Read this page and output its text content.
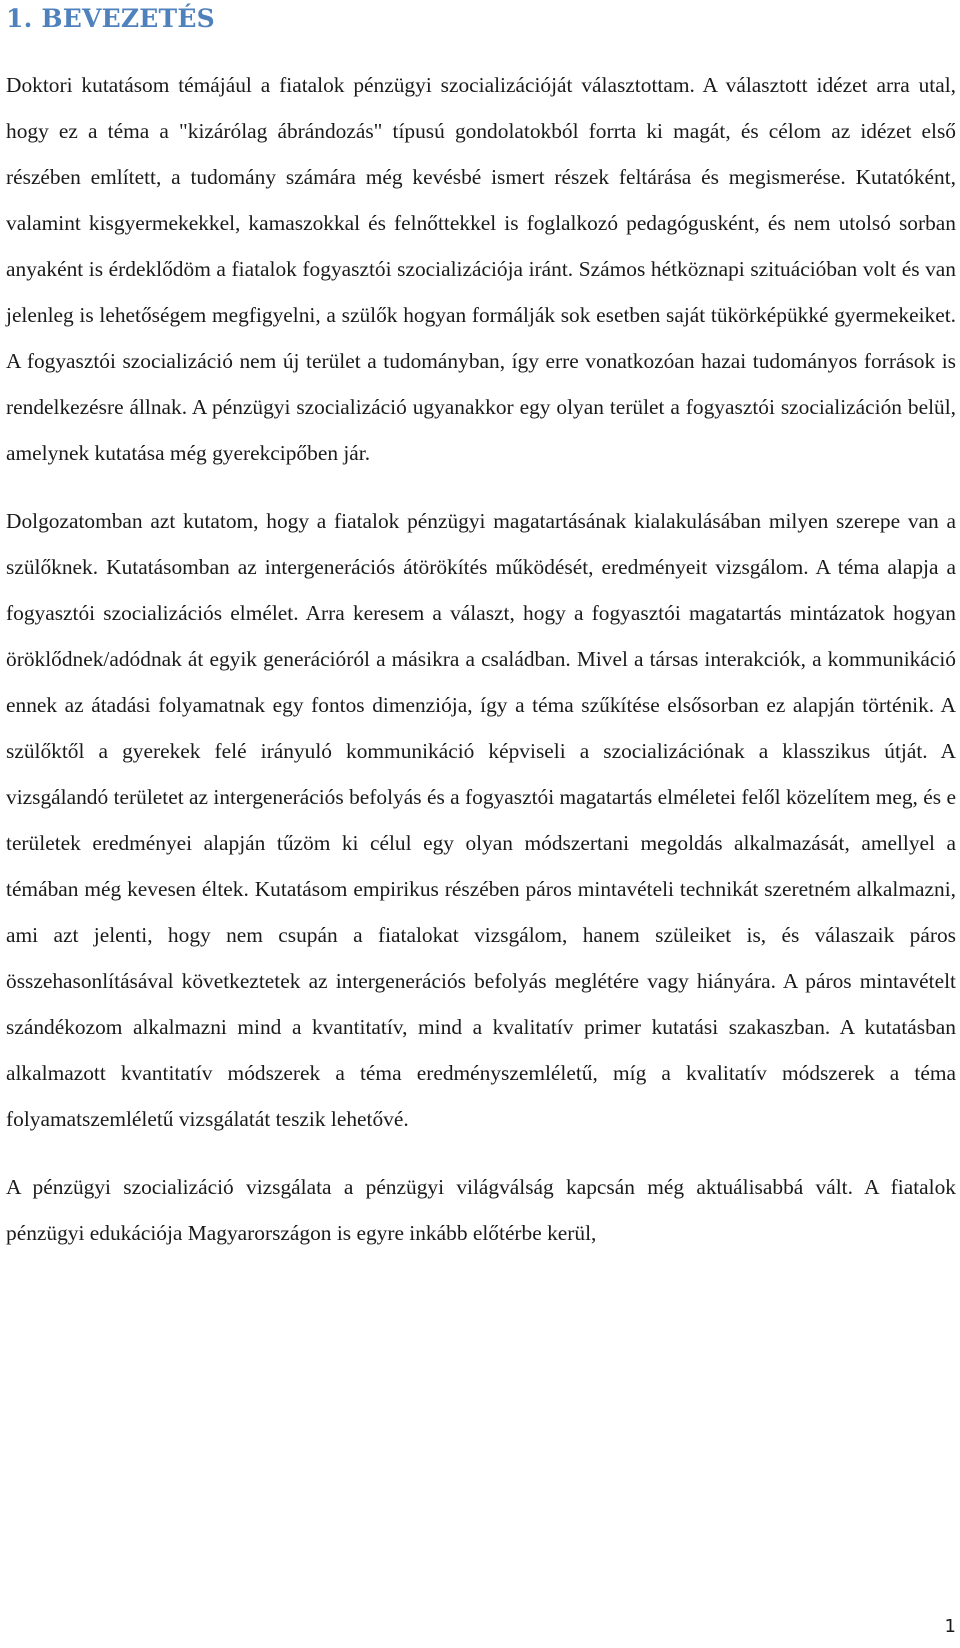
1. BEVEZETÉS

Doktori kutatásom témájául a fiatalok pénzügyi szocializációját választottam. A választott idézet arra utal, hogy ez a téma a "kizárólag ábrándozás" típusú gondolatokból forrta ki magát, és célom az idézet első részében említett, a tudomány számára még kevésbé ismert részek feltárása és megismerése. Kutatóként, valamint kisgyermekekkel, kamaszokkal és felnőttekkel is foglalkozó pedagógusként, és nem utolsó sorban anyaként is érdeklődöm a fiatalok fogyasztói szocializációja iránt. Számos hétköznapi szituációban volt és van jelenleg is lehetőségem megfigyelni, a szülők hogyan formálják sok esetben saját tükörképükké gyermekeiket. A fogyasztói szocializáció nem új terület a tudományban, így erre vonatkozóan hazai tudományos források is rendelkezésre állnak. A pénzügyi szocializáció ugyanakkor egy olyan terület a fogyasztói szocializáción belül, amelynek kutatása még gyerekcipőben jár.

Dolgozatomban azt kutatom, hogy a fiatalok pénzügyi magatartásának kialakulásában milyen szerepe van a szülőknek. Kutatásomban az intergenerációs átörökítés működését, eredményeit vizsgálom. A téma alapja a fogyasztói szocializációs elmélet. Arra keresem a választ, hogy a fogyasztói magatartás mintázatok hogyan öröklődnek/adódnak át egyik generációról a másikra a családban. Mivel a társas interakciók, a kommunikáció ennek az átadási folyamatnak egy fontos dimenziója, így a téma szűkítése elsősorban ez alapján történik. A szülőktől a gyerekek felé irányuló kommunikáció képviseli a szocializációnak a klasszikus útját. A vizsgálandó területet az intergenerációs befolyás és a fogyasztói magatartás elméletei felől közelítem meg, és e területek eredményei alapján tűzöm ki célul egy olyan módszertani megoldás alkalmazását, amellyel a témában még kevesen éltek. Kutatásom empirikus részében páros mintavételi technikát szeretném alkalmazni, ami azt jelenti, hogy nem csupán a fiatalokat vizsgálom, hanem szüleiket is, és válaszaik páros összehasonlításával következtetek az intergenerációs befolyás meglétére vagy hiányára. A páros mintavételt szándékozom alkalmazni mind a kvantitatív, mind a kvalitatív primer kutatási szakaszban. A kutatásban alkalmazott kvantitatív módszerek a téma eredményszemléletű, míg a kvalitatív módszerek a téma folyamatszemléletű vizsgálatát teszik lehetővé.

A pénzügyi szocializáció vizsgálata a pénzügyi világválság kapcsán még aktuálisabbá vált. A fiatalok pénzügyi edukációja Magyarországon is egyre inkább előtérbe kerül,

1
